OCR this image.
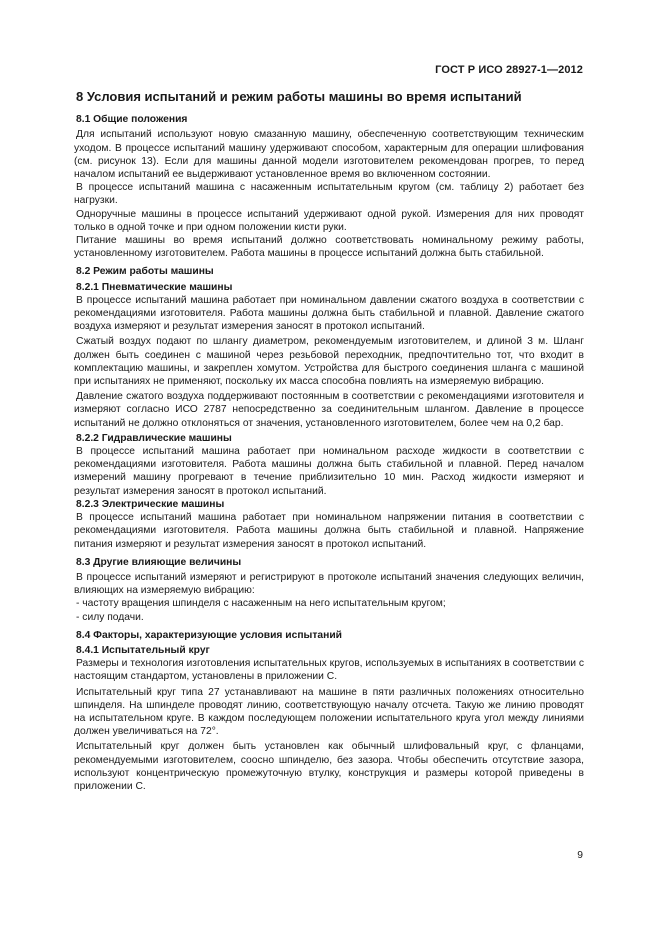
ГОСТ Р ИСО 28927-1—2012
8 Условия испытаний и режим работы машины во время испытаний
8.1 Общие положения

Для испытаний используют новую смазанную машину, обеспеченную соответствующим техническим уходом. В процессе испытаний машину удерживают способом, характерным для операции шлифования (см. рисунок 13). Если для машины данной модели изготовителем рекомендован прогрев, то перед началом испытаний ее выдерживают установленное время во включенном состоянии.

В процессе испытаний машина с насаженным испытательным кругом (см. таблицу 2) работает без нагрузки.

Одноручные машины в процессе испытаний удерживают одной рукой. Измерения для них проводят только в одной точке и при одном положении кисти руки.

Питание машины во время испытаний должно соответствовать номинальному режиму работы, установленному изготовителем. Работа машины в процессе испытаний должна быть стабильной.

8.2 Режим работы машины
8.2.1 Пневматические машины

В процессе испытаний машина работает при номинальном давлении сжатого воздуха в соответствии с рекомендациями изготовителя. Работа машины должна быть стабильной и плавной. Давление сжатого воздуха измеряют и результат измерения заносят в протокол испытаний.

Сжатый воздух подают по шлангу диаметром, рекомендуемым изготовителем, и длиной 3 м. Шланг должен быть соединен с машиной через резьбовой переходник, предпочтительно тот, что входит в комплектацию машины, и закреплен хомутом. Устройства для быстрого соединения шланга с машиной при испытаниях не применяют, поскольку их масса способна повлиять на измеряемую вибрацию.

Давление сжатого воздуха поддерживают постоянным в соответствии с рекомендациями изготовителя и измеряют согласно ИСО 2787 непосредственно за соединительным шлангом. Давление в процессе испытаний не должно отклоняться от значения, установленного изготовителем, более чем на 0,2 бар.

8.2.2 Гидравлические машины

В процессе испытаний машина работает при номинальном расходе жидкости в соответствии с рекомендациями изготовителя. Работа машины должна быть стабильной и плавной. Перед началом измерений машину прогревают в течение приблизительно 10 мин. Расход жидкости измеряют и результат измерения заносят в протокол испытаний.

8.2.3 Электрические машины

В процессе испытаний машина работает при номинальном напряжении питания в соответствии с рекомендациями изготовителя. Работа машины должна быть стабильной и плавной. Напряжение питания измеряют и результат измерения заносят в протокол испытаний.

8.3 Другие влияющие величины

В процессе испытаний измеряют и регистрируют в протоколе испытаний значения следующих величин, влияющих на измеряемую вибрацию:

- частоту вращения шпинделя с насаженным на него испытательным кругом;
- силу подачи.
8.4 Факторы, характеризующие условия испытаний
8.4.1 Испытательный круг

Размеры и технология изготовления испытательных кругов, используемых в испытаниях в соответствии с настоящим стандартом, установлены в приложении С.

Испытательный круг типа 27 устанавливают на машине в пяти различных положениях относительно шпинделя. На шпинделе проводят линию, соответствующую началу отсчета. Такую же линию проводят на испытательном круге. В каждом последующем положении испытательного круга угол между линиями должен увеличиваться на 72°.

Испытательный круг должен быть установлен как обычный шлифовальный круг, с фланцами, рекомендуемыми изготовителем, соосно шпинделю, без зазора. Чтобы обеспечить отсутствие зазора, используют концентрическую промежуточную втулку, конструкция и размеры которой приведены в приложении С.

9
